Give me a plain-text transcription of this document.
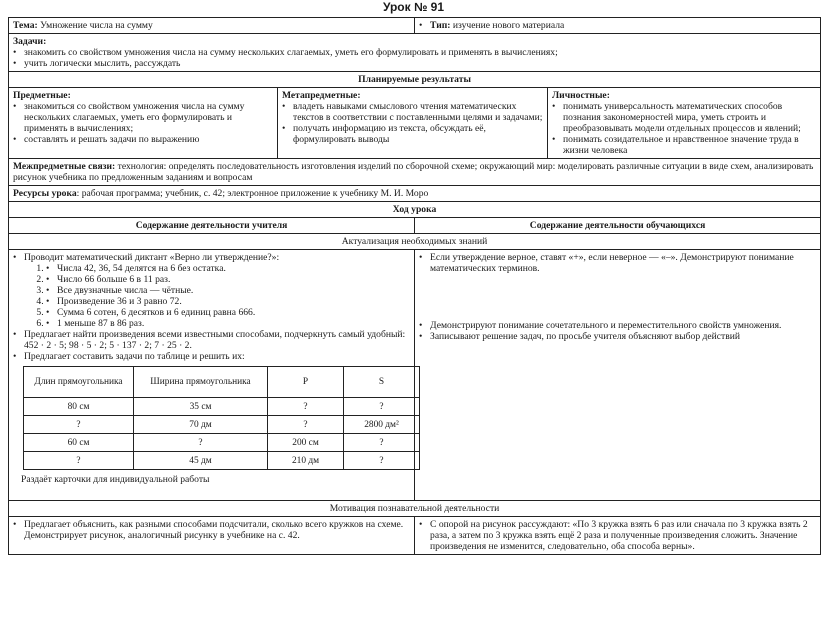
Урок № 91
Тема: Умножение числа на сумму	
•Тип: изучение нового материала

Задачи:
• знакомить со свойством умножения числа на сумму нескольких слагаемых, уметь его формулировать и применять в вычислениях;
• учить логически мыслить, рассуждать

Планируемые результаты

Предметные:
• знакомиться со свойством умножения числа на сумму нескольких слагаемых, уметь его формулировать и применять в вычислениях;
• составлять и решать задачи по выражению

Метапредметные:
• владеть навыками смыслового чтения математических текстов в соответствии с поставленными целями и задачами;
• получать информацию из текста, обсуждать её, формулировать выводы

Личностные:
• понимать универсальность математических способов познания закономерностей мира, уметь строить и преобразовывать модели отдельных процессов и явлений;
• понимать созидательное и нравственное значение труда в жизни человека

Межпредметные связи: технология: определять последовательность изготовления изделий по сборочной схеме; окружающий мир: моделировать различные ситуации в виде схем, анализировать рисунок учебника по предложенным заданиям и вопросам
Ресурсы урока: рабочая программа; учебник, с. 42; электронное приложение к учебнику М. И. Моро
Ход урока
Содержание деятельности учителя	Содержание деятельности обучающихся
Актуализация необходимых знаний

• Проводит математический диктант «Верно ли утверждение?»:
• 1. Числа 42, 36, 54 делятся на 6 без остатка.
• 2. Число 66 больше 6 в 11 раз.
• 3. Все двузначные числа — чётные.
• 4. Произведение 36 и 3 равно 72.
• 5. Сумма 6 сотен, 6 десятков и 6 единиц равна 666.
• 6. 1 меньше 87 в 86 раз.
• Предлагает найти произведения всеми известными способами, подчеркнуть самый удобный: 452 · 2 · 5; 98 · 5 · 2; 5 · 137 · 2; 7 · 25 · 2.
• Предлагает составить задачи по таблице и решить их:
Длин прямоугольника	Ширина прямоугольника	P	S
80 см	35 см	?	?
?	70 дм	?	2800 дм²
60 см	?	200 см	?
?	45 дм	210 дм	?
Раздаёт карточки для индивидуальной работы

• Если утверждение верное, ставят «+», если неверное — «–». Демонстрируют понимание математических терминов.
• Демонстрируют понимание сочетательного и переместительного свойств умножения.
• Записывают решение задач, по просьбе учителя объясняют выбор действий

Мотивация познавательной деятельности

• Предлагает объяснить, как разными способами подсчитали, сколько всего кружков на схеме. Демонстрирует рисунок, аналогичный рисунку в учебнике на с. 42.

• С опорой на рисунок рассуждают: «По 3 кружка взять 6 раз или сначала по 3 кружка взять 2 раза, а затем по 3 кружка взять ещё 2 раза и полученные произведения сложить. Значение произведения не изменится, следовательно, оба способа верны».
